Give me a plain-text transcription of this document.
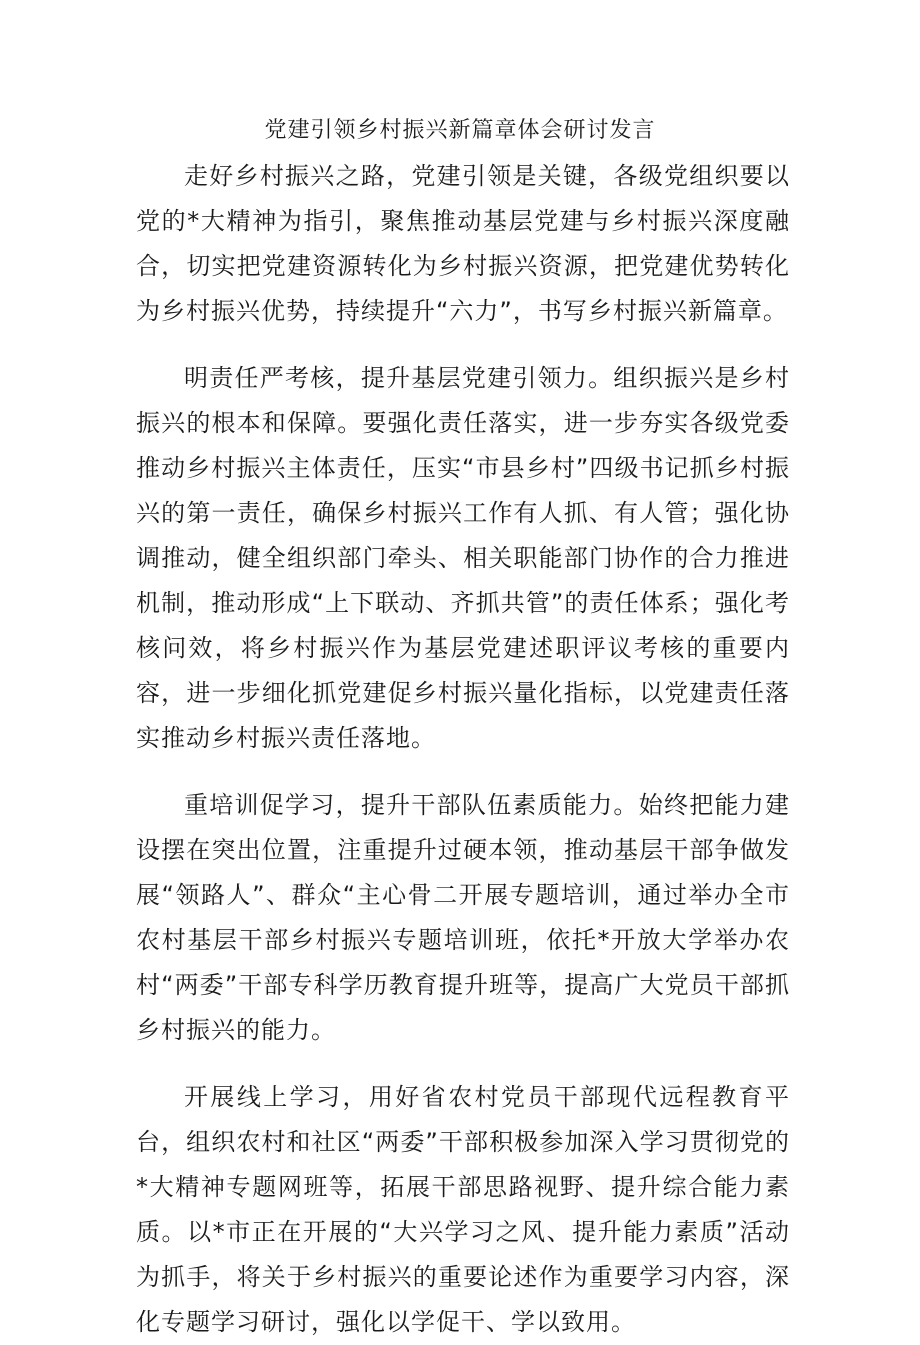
党建引领乡村振兴新篇章体会研讨发言

走好乡村振兴之路，党建引领是关键，各级党组织要以党的*大精神为指引，聚焦推动基层党建与乡村振兴深度融合，切实把党建资源转化为乡村振兴资源，把党建优势转化为乡村振兴优势，持续提升“六力”，书写乡村振兴新篇章。

明责任严考核，提升基层党建引领力。组织振兴是乡村振兴的根本和保障。要强化责任落实，进一步夯实各级党委推动乡村振兴主体责任，压实“市县乡村”四级书记抓乡村振兴的第一责任，确保乡村振兴工作有人抓、有人管；强化协调推动，健全组织部门牵头、相关职能部门协作的合力推进机制，推动形成“上下联动、齐抓共管”的责任体系；强化考核问效，将乡村振兴作为基层党建述职评议考核的重要内容，进一步细化抓党建促乡村振兴量化指标，以党建责任落实推动乡村振兴责任落地。

重培训促学习，提升干部队伍素质能力。始终把能力建设摆在突出位置，注重提升过硬本领，推动基层干部争做发展“领路人”、群众“主心骨二开展专题培训，通过举办全市农村基层干部乡村振兴专题培训班，依托*开放大学举办农村“两委”干部专科学历教育提升班等，提高广大党员干部抓乡村振兴的能力。

开展线上学习，用好省农村党员干部现代远程教育平台，组织农村和社区“两委”干部积极参加深入学习贯彻党的*大精神专题网班等，拓展干部思路视野、提升综合能力素质。以*市正在开展的“大兴学习之风、提升能力素质”活动为抓手，将关于乡村振兴的重要论述作为重要学习内容，深化专题学习研讨，强化以学促干、学以致用。
